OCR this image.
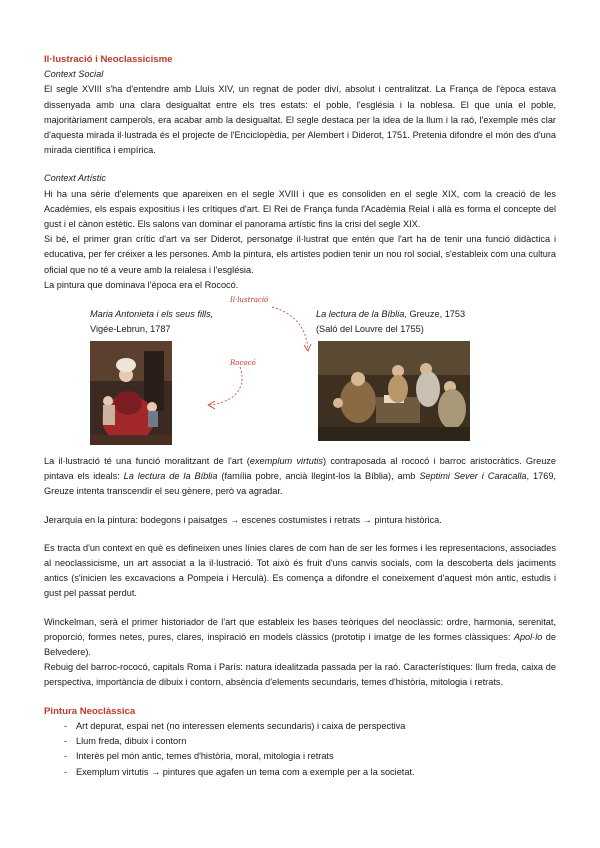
Il·lustració i Neoclassicisme
Context Social

El segle XVIII s'ha d'entendre amb Lluís XIV, un regnat de poder diví, absolut i centralitzat. La França de l'època estava dissenyada amb una clara desigualtat entre els tres estats: el poble, l'església i la noblesa. El que unia el poble, majoritàriament camperols, era acabar amb la desigualtat. El segle destaca per la idea de la llum i la raó, l'exemple més clar d'aquesta mirada il·lustrada és el projecte de l'Enciclopèdia, per Alembert i Diderot, 1751. Pretenia difondre el món des d'una mirada científica i empírica.

Context Artístic

Hi ha una sèrie d'elements que apareixen en el segle XVIII i que es consoliden en el segle XIX, com la creació de les Acadèmies, els espais expositius i les crítiques d'art. El Rei de França funda l'Acadèmia Reial i allà es forma el concepte del gust i el cànon estètic. Els salons van dominar el panorama artístic fins la crisi del segle XIX.

Si bé, el primer gran crític d'art va ser Diderot, personatge il·lustrat que entén que l'art ha de tenir una funció didàctica i educativa, per fer créixer a les persones. Amb la pintura, els artistes podien tenir un nou rol social, s'estableix com una cultura oficial que no té a veure amb la reialesa i l'església.

La pintura que dominava l'època era el Rococó.

Maria Antonieta i els seus fills,
Vigée-Lebrun, 1787
La lectura de la Bíblia, Greuze, 1753
(Saló del Louvre del 1755)
Il·lustració
Rococó

La il·lustració té una funció moralitzant de l'art (exemplum virtutis) contraposada al rococó i barroc aristocràtics. Greuze pintava els ideals: La lectura de la Bíblia (família pobre, ancià llegint-los la Bíblia), amb Septimi Sever i Caracalla, 1769, Greuze intenta transcendir el seu gènere, però va agradar.

Jerarquia en la pintura: bodegons i paisatges → escenes costumistes i retrats → pintura històrica.

Es tracta d'un context en què es defineixen unes línies clares de com han de ser les formes i les representacions, associades al neoclassicisme, un art associat a la il·lustració. Tot això és fruit d'uns canvis socials, com la descoberta dels jaciments antics (s'inicien les excavacions a Pompeia i Herculà). Es comença a difondre el coneixement d'aquest món antic, estudis i gust pel passat perdut.

Winckelman, serà el primer historiador de l'art que estableix les bases teòriques del neoclàssic: ordre, harmonia, serenitat, proporció, formes netes, pures, clares, inspiració en models clàssics (prototip i imatge de les formes clàssiques: Apol·lo de Belvedere).

Rebuig del barroc-rococó, capitals Roma i París: natura idealitzada passada per la raó. Característiques: llum freda, caixa de perspectiva, importància de dibuix i contorn, absència d'elements secundaris, temes d'història, mitologia i retrats.

Pintura Neoclàssica
- Art depurat, espai net (no interessen elements secundaris) i caixa de perspectiva
- Llum freda, dibuix i contorn
- Interès pel món antic, temes d'història, moral, mitologia i retrats
- Exemplum virtutis → pintures que agafen un tema com a exemple per a la societat.
